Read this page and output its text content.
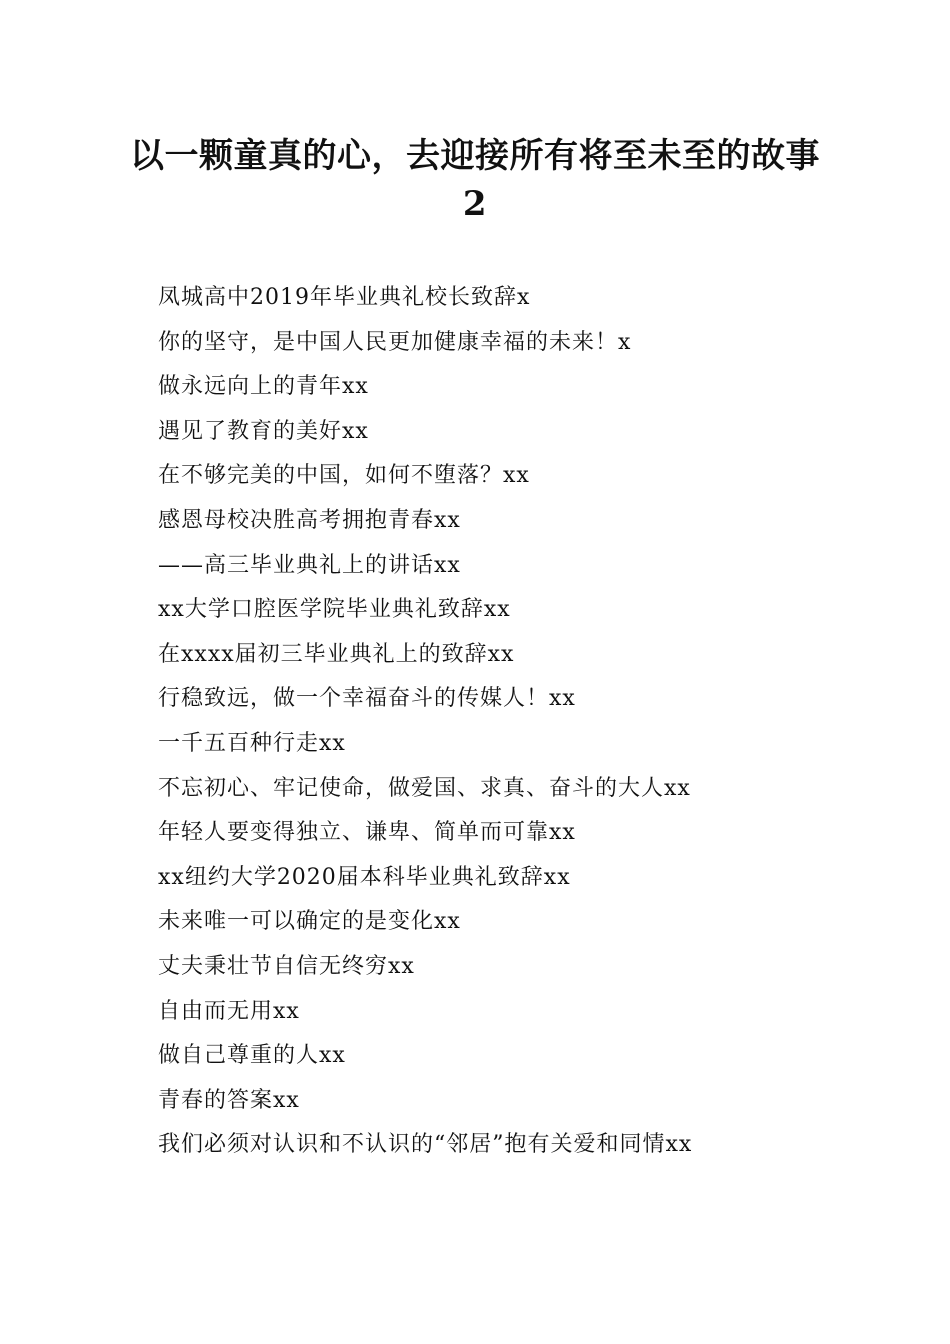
以一颗童真的心，去迎接所有将至未至的故事
2
凤城高中2019年毕业典礼校长致辞x
你的坚守，是中国人民更加健康幸福的未来！x
做永远向上的青年xx
遇见了教育的美好xx
在不够完美的中国，如何不堕落？xx
感恩母校决胜高考拥抱青春xx
——高三毕业典礼上的讲话xx
xx大学口腔医学院毕业典礼致辞xx
在xxxx届初三毕业典礼上的致辞xx
行稳致远，做一个幸福奋斗的传媒人！xx
一千五百种行走xx
不忘初心、牢记使命，做爱国、求真、奋斗的大人xx
年轻人要变得独立、谦卑、简单而可靠xx
xx纽约大学2020届本科毕业典礼致辞xx
未来唯一可以确定的是变化xx
丈夫秉壮节自信无终穷xx
自由而无用xx
做自己尊重的人xx
青春的答案xx
我们必须对认识和不认识的“邻居”抱有关爱和同情xx
